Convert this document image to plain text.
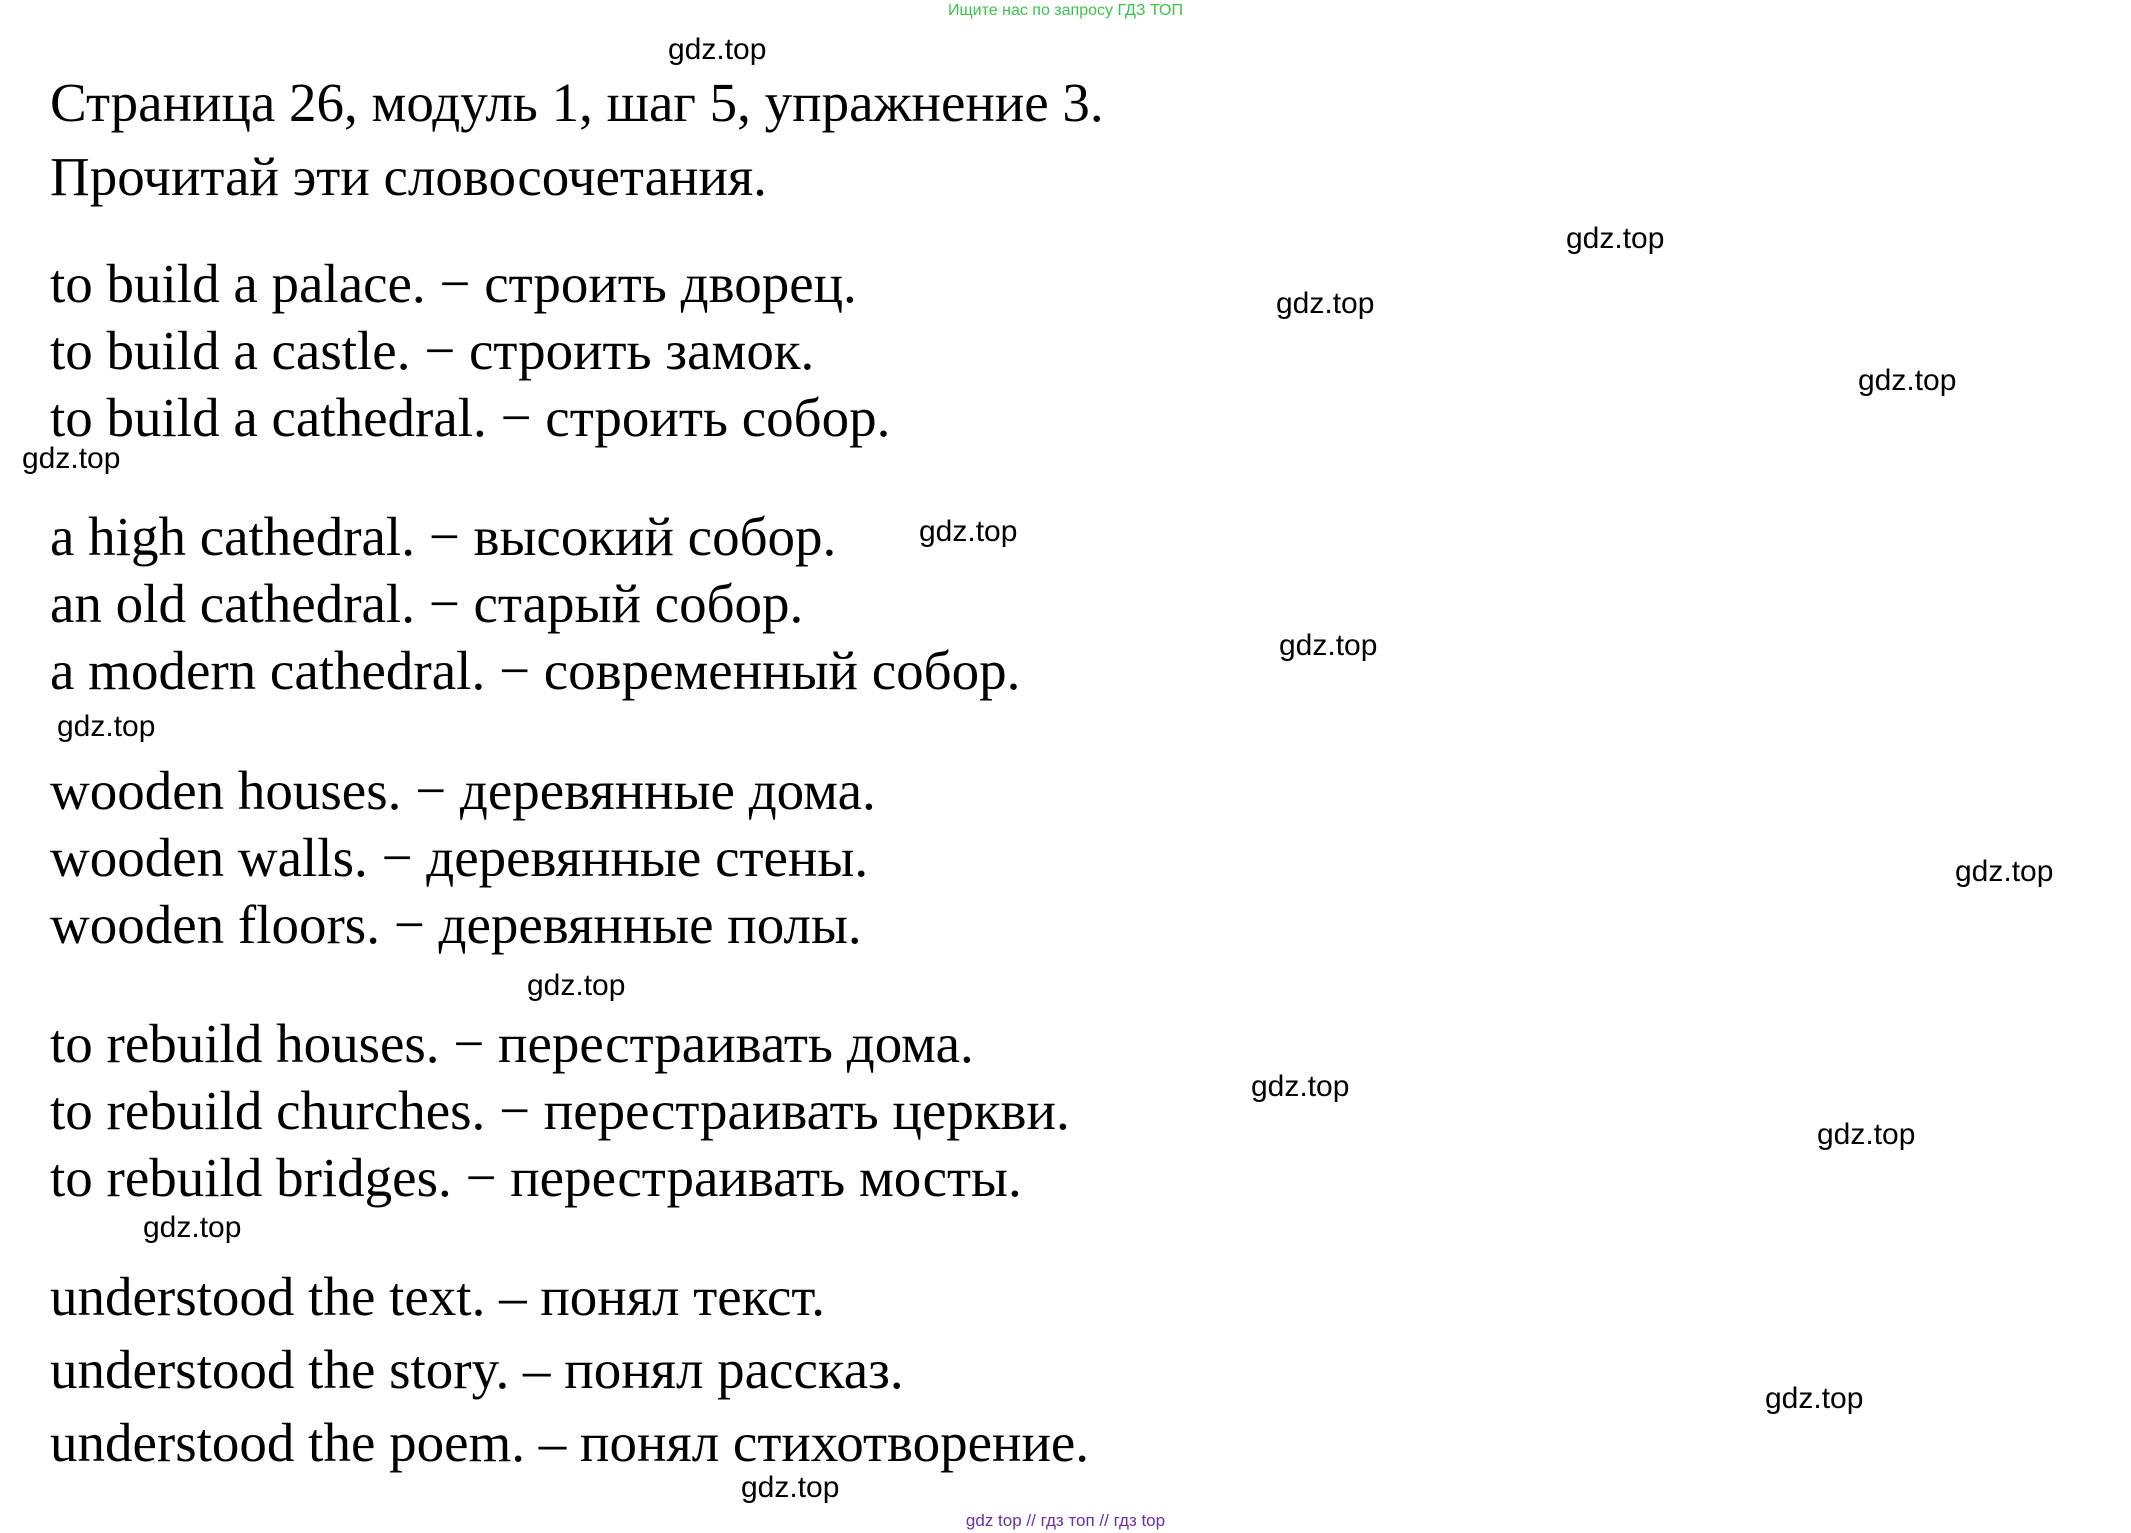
Ищите нас по запросу ГДЗ ТОП
Страница 26, модуль 1, шаг 5, упражнение 3.
Прочитай эти словосочетания.
to build a palace. − строить дворец.
to build a castle. − строить замок.
to build a cathedral. − строить собор.
a high cathedral. − высокий собор.
an old cathedral. − старый собор.
a modern cathedral. − современный собор.
wooden houses. − деревянные дома.
wooden walls. − деревянные стены.
wooden floors. − деревянные полы.
to rebuild houses. − перестраивать дома.
to rebuild churches. − перестраивать церкви.
to rebuild bridges. − перестраивать мосты.
understood the text. – понял текст.
understood the story. – понял рассказ.
understood the poem. – понял стихотворение.
gdz.top
gdz.top
gdz.top
gdz.top
gdz.top
gdz.top
gdz.top
gdz.top
gdz.top
gdz.top
gdz.top
gdz.top
gdz.top
gdz.top
gdz.top
gdz top // гдз топ // гдз top
